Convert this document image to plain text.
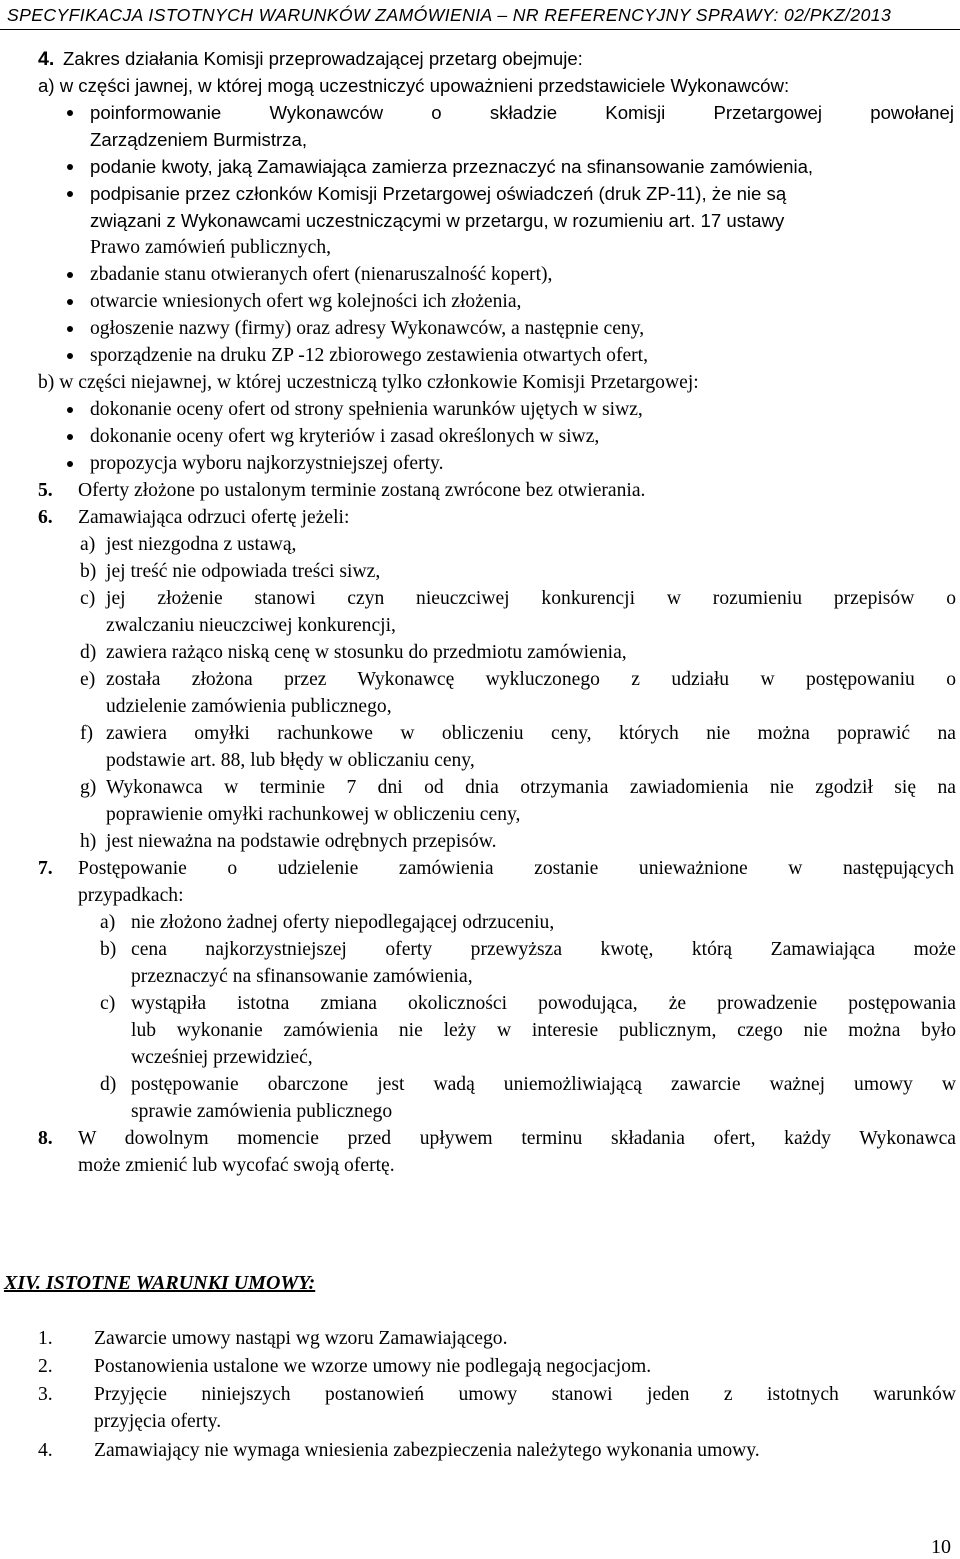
SPECYFIKACJA ISTOTNYCH WARUNKÓW ZAMÓWIENIA – NR REFERENCYJNY SPRAWY: 02/PKZ/2013
4. Zakres działania Komisji przeprowadzającej przetarg obejmuje:
a) w części jawnej, w której mogą uczestniczyć upoważnieni przedstawiciele Wykonawców:
poinformowanie Wykonawców o składzie Komisji Przetargowej powołanej
Zarządzeniem Burmistrza,
podanie kwoty, jaką Zamawiająca zamierza przeznaczyć na sfinansowanie zamówienia,
podpisanie przez członków Komisji Przetargowej oświadczeń (druk ZP-11), że nie są
związani z Wykonawcami uczestniczącymi w przetargu, w rozumieniu art. 17 ustawy
Prawo zamówień publicznych,
zbadanie stanu otwieranych ofert (nienaruszalność kopert),
otwarcie wniesionych ofert wg kolejności ich złożenia,
ogłoszenie nazwy (firmy) oraz adresy Wykonawców, a następnie ceny,
sporządzenie na druku ZP -12 zbiorowego zestawienia otwartych ofert,
b) w części niejawnej, w której uczestniczą tylko członkowie Komisji Przetargowej:
dokonanie oceny ofert od strony spełnienia warunków ujętych w siwz,
dokonanie oceny ofert wg kryteriów i zasad określonych w siwz,
propozycja wyboru najkorzystniejszej oferty.
5. Oferty złożone po ustalonym terminie zostaną zwrócone bez otwierania.
6. Zamawiająca odrzuci ofertę jeżeli:
a) jest niezgodna z ustawą,
b) jej treść nie odpowiada treści siwz,
c) jej złożenie stanowi czyn nieuczciwej konkurencji w rozumieniu przepisów o
zwalczaniu nieuczciwej konkurencji,
d) zawiera rażąco niską cenę w stosunku do przedmiotu zamówienia,
e) została złożona przez Wykonawcę wykluczonego z udziału w postępowaniu o
udzielenie zamówienia publicznego,
f) zawiera omyłki rachunkowe w obliczeniu ceny, których nie można poprawić na
podstawie art. 88, lub błędy w obliczaniu ceny,
g) Wykonawca w terminie 7 dni od dnia otrzymania zawiadomienia nie zgodził się na
poprawienie omyłki rachunkowej w obliczeniu ceny,
h) jest nieważna na podstawie odrębnych przepisów.
7. Postępowanie o udzielenie zamówienia zostanie unieważnione w następujących
przypadkach:
a) nie złożono żadnej oferty niepodlegającej odrzuceniu,
b) cena najkorzystniejszej oferty przewyższa kwotę, którą Zamawiająca może
przeznaczyć na sfinansowanie zamówienia,
c) wystąpiła istotna zmiana okoliczności powodująca, że prowadzenie postępowania
lub wykonanie zamówienia nie leży w interesie publicznym, czego nie można było
wcześniej przewidzieć,
d) postępowanie obarczone jest wadą uniemożliwiającą zawarcie ważnej umowy w
sprawie zamówienia publicznego
8. W dowolnym momencie przed upływem terminu składania ofert, każdy Wykonawca
może zmienić lub wycofać swoją ofertę.
XIV. ISTOTNE WARUNKI UMOWY:
1. Zawarcie umowy nastąpi wg wzoru Zamawiającego.
2. Postanowienia ustalone we wzorze umowy nie podlegają negocjacjom.
3. Przyjęcie niniejszych postanowień umowy stanowi jeden z istotnych warunków
przyjęcia oferty.
4. Zamawiający nie wymaga wniesienia zabezpieczenia należytego wykonania umowy.
10
